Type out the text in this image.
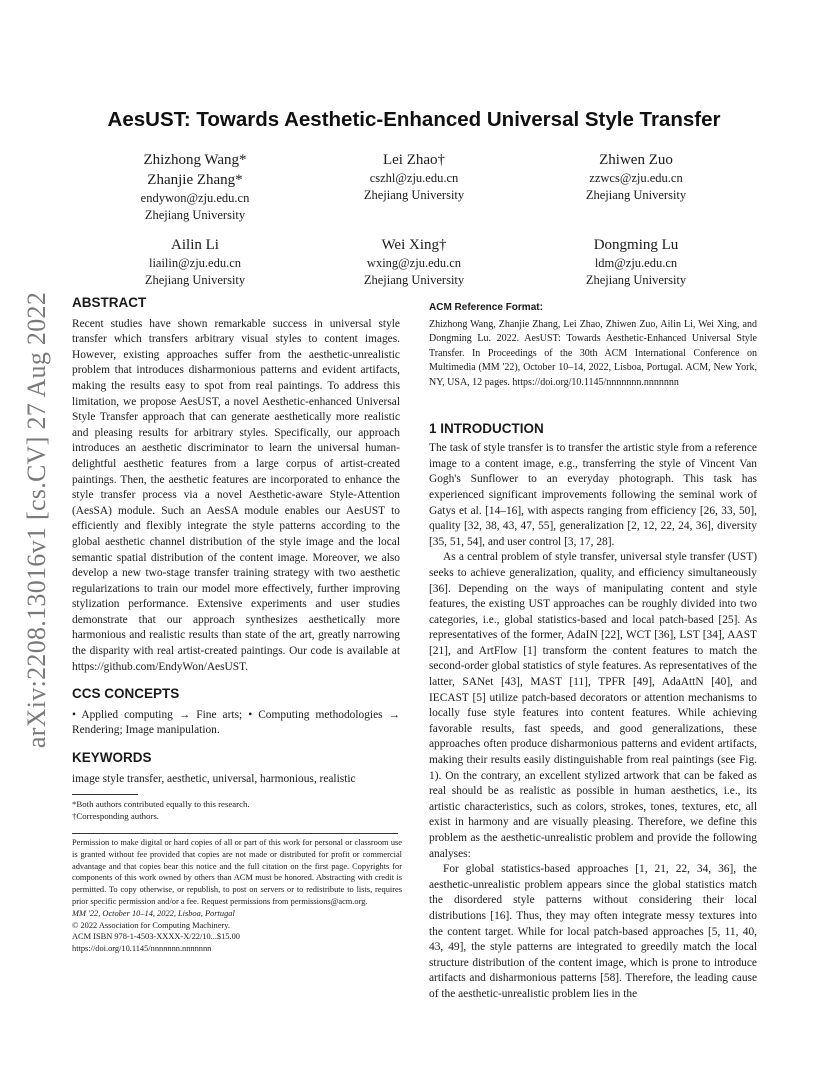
arXiv:2208.13016v1 [cs.CV] 27 Aug 2022
AesUST: Towards Aesthetic-Enhanced Universal Style Transfer
Zhizhong Wang*
Zhanjie Zhang*
endywon@zju.edu.cn
Zhejiang University
Lei Zhao†
cszhl@zju.edu.cn
Zhejiang University
Zhiwen Zuo
zzwcs@zju.edu.cn
Zhejiang University
Ailin Li
liailin@zju.edu.cn
Zhejiang University
Wei Xing†
wxing@zju.edu.cn
Zhejiang University
Dongming Lu
ldm@zju.edu.cn
Zhejiang University
ABSTRACT

Recent studies have shown remarkable success in universal style transfer which transfers arbitrary visual styles to content images. However, existing approaches suffer from the aesthetic-unrealistic problem that introduces disharmonious patterns and evident artifacts, making the results easy to spot from real paintings. To address this limitation, we propose AesUST, a novel Aesthetic-enhanced Universal Style Transfer approach that can generate aesthetically more realistic and pleasing results for arbitrary styles. Specifically, our approach introduces an aesthetic discriminator to learn the universal human-delightful aesthetic features from a large corpus of artist-created paintings. Then, the aesthetic features are incorporated to enhance the style transfer process via a novel Aesthetic-aware Style-Attention (AesSA) module. Such an AesSA module enables our AesUST to efficiently and flexibly integrate the style patterns according to the global aesthetic channel distribution of the style image and the local semantic spatial distribution of the content image. Moreover, we also develop a new two-stage transfer training strategy with two aesthetic regularizations to train our model more effectively, further improving stylization performance. Extensive experiments and user studies demonstrate that our approach synthesizes aesthetically more harmonious and realistic results than state of the art, greatly narrowing the disparity with real artist-created paintings. Our code is available at https://github.com/EndyWon/AesUST.

CCS CONCEPTS

• Applied computing → Fine arts; • Computing methodologies → Rendering; Image manipulation.

KEYWORDS

image style transfer, aesthetic, universal, harmonious, realistic

*Both authors contributed equally to this research.
†Corresponding authors.
Permission to make digital or hard copies of all or part of this work for personal or classroom use is granted without fee provided that copies are not made or distributed for profit or commercial advantage and that copies bear this notice and the full citation on the first page. Copyrights for components of this work owned by others than ACM must be honored. Abstracting with credit is permitted. To copy otherwise, or republish, to post on servers or to redistribute to lists, requires prior specific permission and/or a fee. Request permissions from permissions@acm.org.
MM '22, October 10–14, 2022, Lisboa, Portugal
© 2022 Association for Computing Machinery.
ACM ISBN 978-1-4503-XXXX-X/22/10...$15.00
https://doi.org/10.1145/nnnnnnn.nnnnnnn
ACM Reference Format:

Zhizhong Wang, Zhanjie Zhang, Lei Zhao, Zhiwen Zuo, Ailin Li, Wei Xing, and Dongming Lu. 2022. AesUST: Towards Aesthetic-Enhanced Universal Style Transfer. In Proceedings of the 30th ACM International Conference on Multimedia (MM '22), October 10–14, 2022, Lisboa, Portugal. ACM, New York, NY, USA, 12 pages. https://doi.org/10.1145/nnnnnnn.nnnnnnn

1 INTRODUCTION

The task of style transfer is to transfer the artistic style from a reference image to a content image, e.g., transferring the style of Vincent Van Gogh's Sunflower to an everyday photograph. This task has experienced significant improvements following the seminal work of Gatys et al. [14–16], with aspects ranging from efficiency [26, 33, 50], quality [32, 38, 43, 47, 55], generalization [2, 12, 22, 24, 36], diversity [35, 51, 54], and user control [3, 17, 28].

As a central problem of style transfer, universal style transfer (UST) seeks to achieve generalization, quality, and efficiency simultaneously [36]. Depending on the ways of manipulating content and style features, the existing UST approaches can be roughly divided into two categories, i.e., global statistics-based and local patch-based [25]. As representatives of the former, AdaIN [22], WCT [36], LST [34], AAST [21], and ArtFlow [1] transform the content features to match the second-order global statistics of style features. As representatives of the latter, SANet [43], MAST [11], TPFR [49], AdaAttN [40], and IECAST [5] utilize patch-based decorators or attention mechanisms to locally fuse style features into content features. While achieving favorable results, fast speeds, and good generalizations, these approaches often produce disharmonious patterns and evident artifacts, making their results easily distinguishable from real paintings (see Fig. 1). On the contrary, an excellent stylized artwork that can be faked as real should be as realistic as possible in human aesthetics, i.e., its artistic characteristics, such as colors, strokes, tones, textures, etc, all exist in harmony and are visually pleasing. Therefore, we define this problem as the aesthetic-unrealistic problem and provide the following analyses:

For global statistics-based approaches [1, 21, 22, 34, 36], the aesthetic-unrealistic problem appears since the global statistics match the disordered style patterns without considering their local distributions [16]. Thus, they may often integrate messy textures into the content target. While for local patch-based approaches [5, 11, 40, 43, 49], the style patterns are integrated to greedily match the local structure distribution of the content image, which is prone to introduce artifacts and disharmonious patterns [58]. Therefore, the leading cause of the aesthetic-unrealistic problem lies in the
